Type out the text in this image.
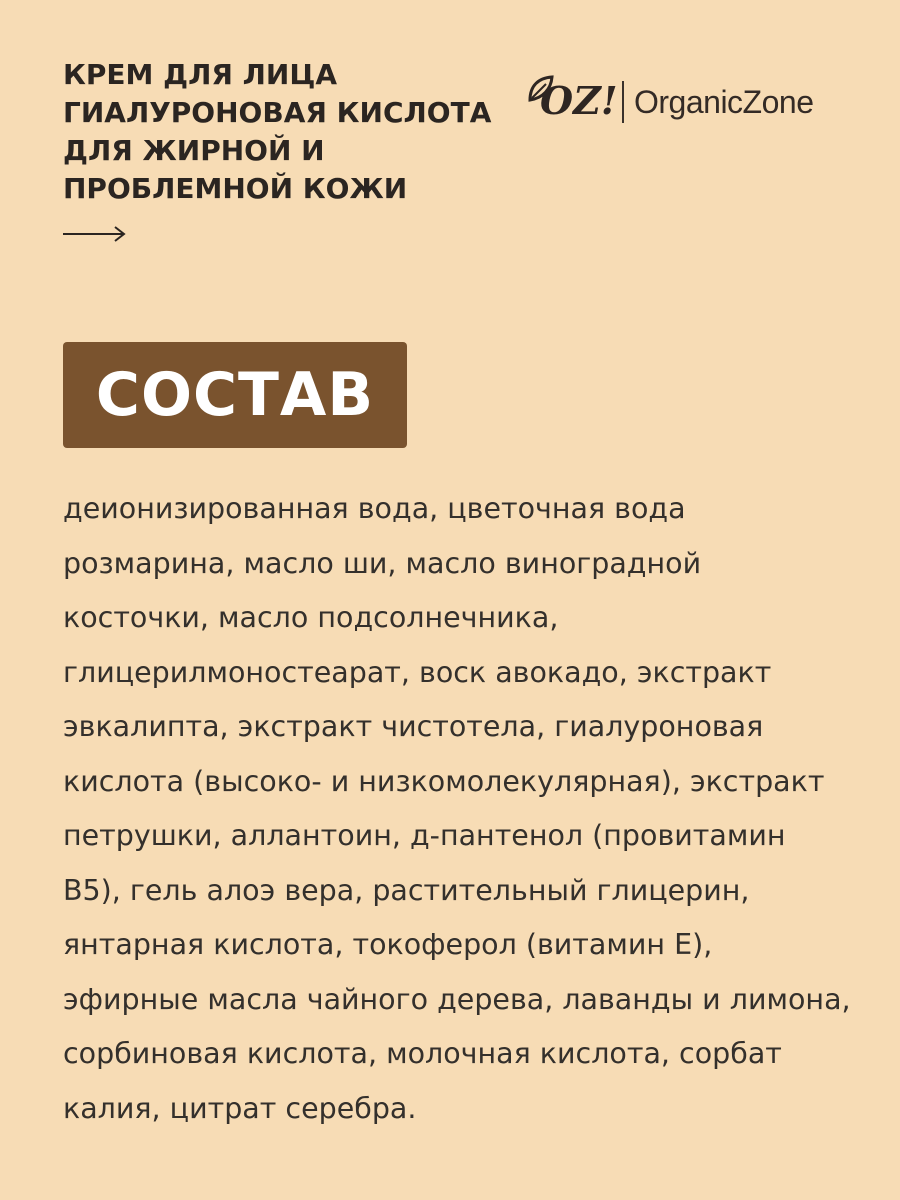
КРЕМ ДЛЯ ЛИЦА
ГИАЛУРОНОВАЯ КИСЛОТА
ДЛЯ ЖИРНОЙ И
ПРОБЛЕМНОЙ КОЖИ
OZ! OrganicZone
СОСТАВ
деионизированная вода, цветочная вода
розмарина, масло ши, масло виноградной
косточки, масло подсолнечника,
глицерилмоностеарат, воск авокадо, экстракт
эвкалипта, экстракт чистотела, гиалуроновая
кислота (высоко- и низкомолекулярная), экстракт
петрушки, аллантоин, д-пантенол (провитамин
В5), гель алоэ вера, растительный глицерин,
янтарная кислота, токоферол (витамин Е),
эфирные масла чайного дерева, лаванды и лимона,
сорбиновая кислота, молочная кислота, сорбат
калия, цитрат серебра.
